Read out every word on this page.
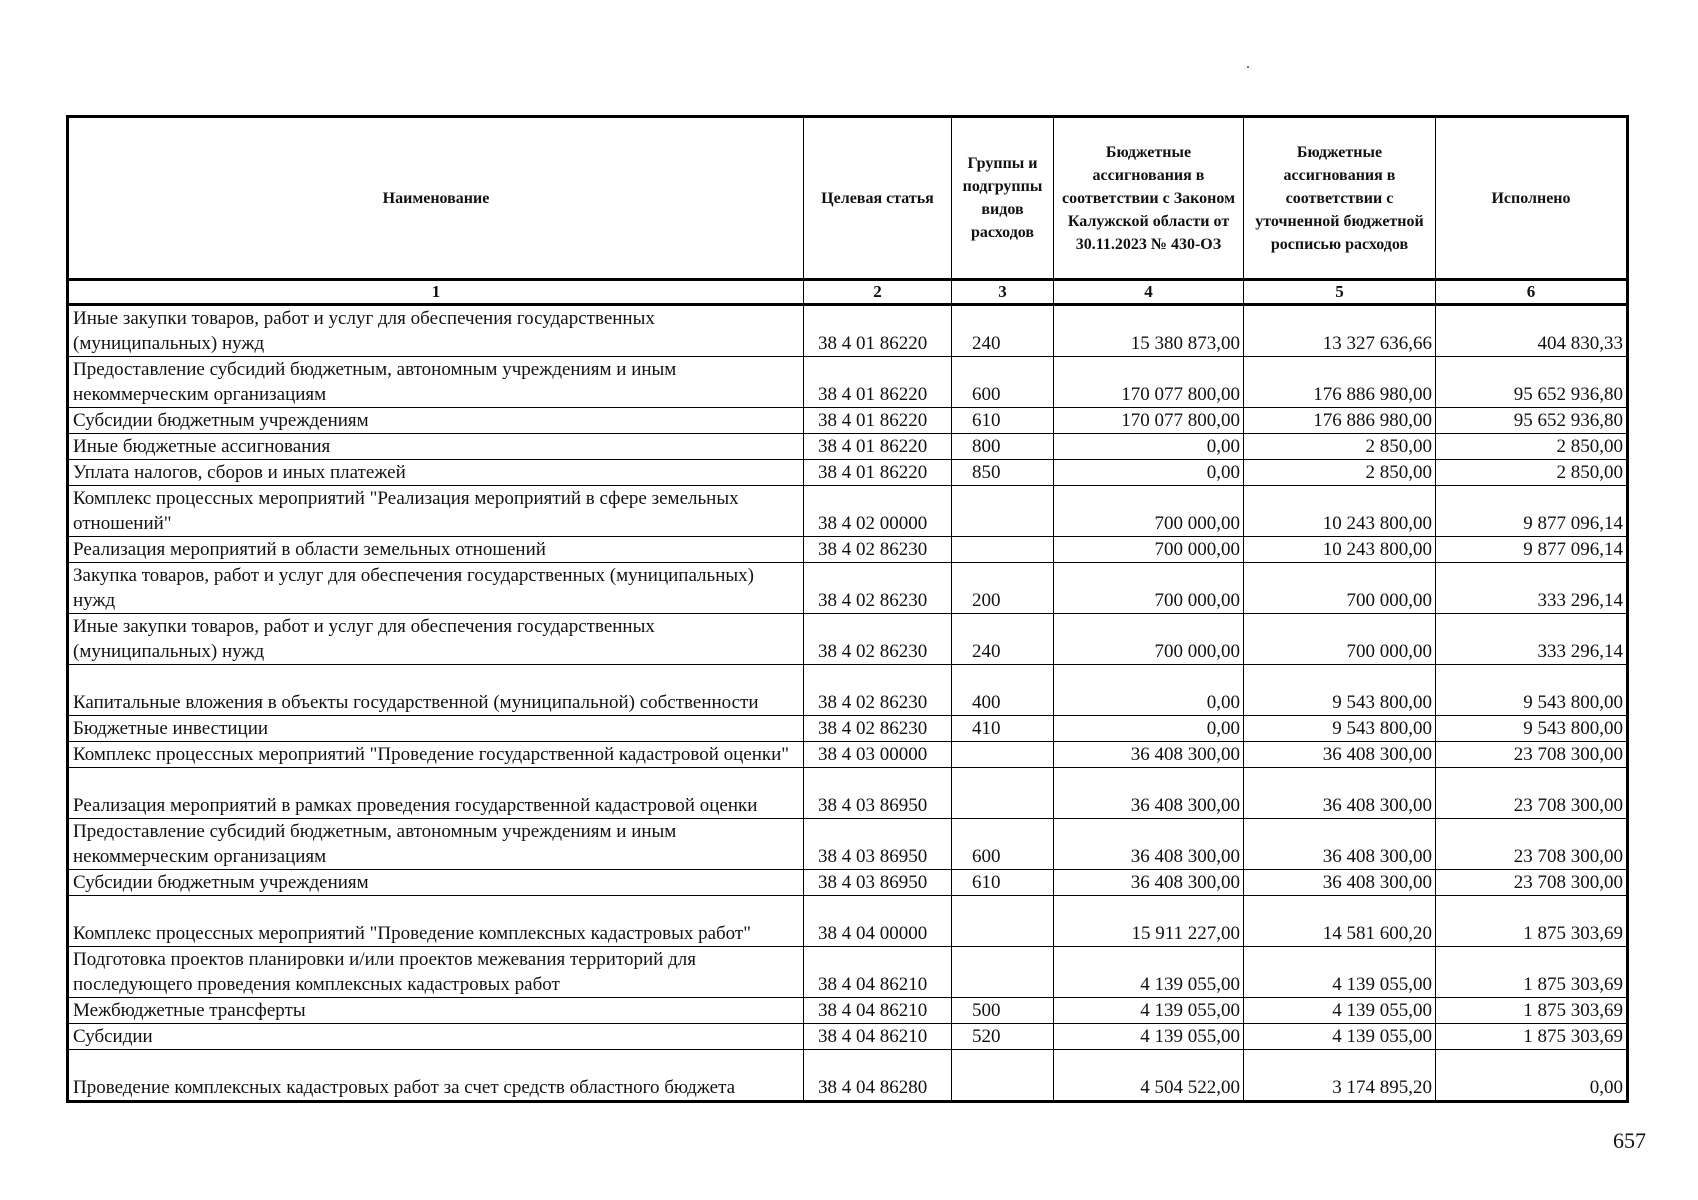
Наименование	Целевая статья	Группы и подгруппы видов расходов	Бюджетные ассигнования в соответствии с Законом Калужской области от 30.11.2023 № 430-ОЗ	Бюджетные ассигнования в соответствии с уточненной бюджетной росписью расходов	Исполнено
1	2	3	4	5	6
Иные закупки товаров, работ и услуг для обеспечения государственных (муниципальных) нужд	38 4 01 86220	240	15 380 873,00	13 327 636,66	404 830,33
Предоставление субсидий бюджетным, автономным учреждениям и иным некоммерческим организациям	38 4 01 86220	600	170 077 800,00	176 886 980,00	95 652 936,80
Субсидии бюджетным учреждениям	38 4 01 86220	610	170 077 800,00	176 886 980,00	95 652 936,80
Иные бюджетные ассигнования	38 4 01 86220	800	0,00	2 850,00	2 850,00
Уплата налогов, сборов и иных платежей	38 4 01 86220	850	0,00	2 850,00	2 850,00
Комплекс процессных мероприятий "Реализация мероприятий в сфере земельных отношений"	38 4 02 00000		700 000,00	10 243 800,00	9 877 096,14
Реализация мероприятий в области земельных отношений	38 4 02 86230		700 000,00	10 243 800,00	9 877 096,14
Закупка товаров, работ и услуг для обеспечения государственных (муниципальных) нужд	38 4 02 86230	200	700 000,00	700 000,00	333 296,14
Иные закупки товаров, работ и услуг для обеспечения государственных (муниципальных) нужд	38 4 02 86230	240	700 000,00	700 000,00	333 296,14
Капитальные вложения в объекты государственной (муниципальной) собственности	38 4 02 86230	400	0,00	9 543 800,00	9 543 800,00
Бюджетные инвестиции	38 4 02 86230	410	0,00	9 543 800,00	9 543 800,00
Комплекс процессных мероприятий "Проведение государственной кадастровой оценки"	38 4 03 00000		36 408 300,00	36 408 300,00	23 708 300,00
Реализация мероприятий в рамках проведения государственной кадастровой оценки	38 4 03 86950		36 408 300,00	36 408 300,00	23 708 300,00
Предоставление субсидий бюджетным, автономным учреждениям и иным некоммерческим организациям	38 4 03 86950	600	36 408 300,00	36 408 300,00	23 708 300,00
Субсидии бюджетным учреждениям	38 4 03 86950	610	36 408 300,00	36 408 300,00	23 708 300,00
Комплекс процессных мероприятий "Проведение комплексных кадастровых работ"	38 4 04 00000		15 911 227,00	14 581 600,20	1 875 303,69
Подготовка проектов планировки и/или проектов межевания территорий для последующего проведения комплексных кадастровых работ	38 4 04 86210		4 139 055,00	4 139 055,00	1 875 303,69
Межбюджетные трансферты	38 4 04 86210	500	4 139 055,00	4 139 055,00	1 875 303,69
Субсидии	38 4 04 86210	520	4 139 055,00	4 139 055,00	1 875 303,69
Проведение комплексных кадастровых работ за счет средств областного бюджета	38 4 04 86280		4 504 522,00	3 174 895,20	0,00
657
